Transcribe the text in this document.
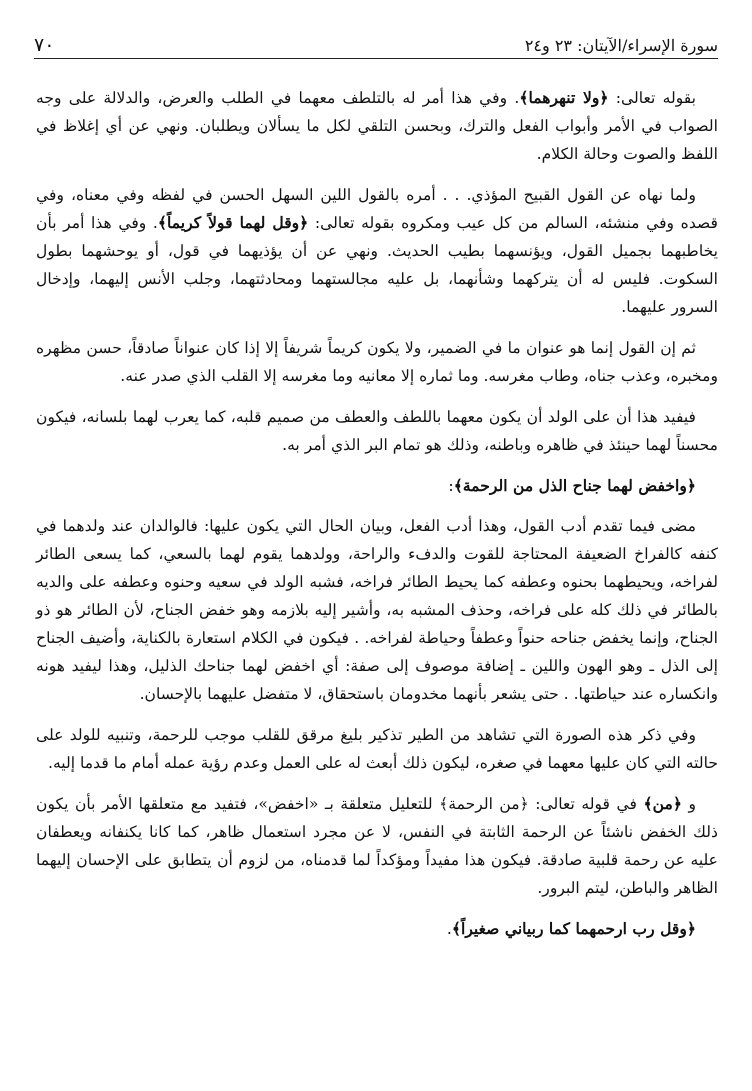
٧٠	سورة الإسراء/الآيتان: ٢٣ و٢٤

بقوله تعالى: ﴿ولا تنهرهما﴾. وفي هذا أمر له بالتلطف معهما في الطلب والعرض، والدلالة على وجه الصواب في الأمر وأبواب الفعل والترك، وبحسن التلقي لكل ما يسألان ويطلبان. ونهي عن أي إغلاظ في اللفظ والصوت وحالة الكلام.

ولما نهاه عن القول القبيح المؤذي. . . أمره بالقول اللين السهل الحسن في لفظه وفي معناه، وفي قصده وفي منشئه، السالم من كل عيب ومكروه بقوله تعالى: ﴿وقل لهما قولاً كريماً﴾. وفي هذا أمر بأن يخاطبهما بجميل القول، ويؤنسهما بطيب الحديث. ونهي عن أن يؤذيهما في قول، أو يوحشهما بطول السكوت. فليس له أن يتركهما وشأنهما، بل عليه مجالستهما ومحادثتهما، وجلب الأنس إليهما، وإدخال السرور عليهما.

ثم إن القول إنما هو عنوان ما في الضمير، ولا يكون كريماً شريفاً إلا إذا كان عنواناً صادقاً، حسن مظهره ومخبره، وعذب جناه، وطاب مغرسه. وما ثماره إلا معانيه وما مغرسه إلا القلب الذي صدر عنه.

فيفيد هذا أن على الولد أن يكون معهما باللطف والعطف من صميم قلبه، كما يعرب لهما بلسانه، فيكون محسناً لهما حينئذ في ظاهره وباطنه، وذلك هو تمام البر الذي أمر به.

﴿واخفض لهما جناح الذل من الرحمة﴾:

مضى فيما تقدم أدب القول، وهذا أدب الفعل، وبيان الحال التي يكون عليها: فالوالدان عند ولدهما في كنفه كالفراخ الضعيفة المحتاجة للقوت والدفء والراحة، وولدهما يقوم لهما بالسعي، كما يسعى الطائر لفراخه، ويحيطهما بحنوه وعطفه كما يحيط الطائر فراخه، فشبه الولد في سعيه وحنوه وعطفه على والديه بالطائر في ذلك كله على فراخه، وحذف المشبه به، وأشير إليه بلازمه وهو خفض الجناح، لأن الطائر هو ذو الجناح، وإنما يخفض جناحه حنواً وعطفاً وحياطة لفراخه. . فيكون في الكلام استعارة بالكناية، وأضيف الجناح إلى الذل ـ وهو الهون واللين ـ إضافة موصوف إلى صفة: أي اخفض لهما جناحك الذليل، وهذا ليفيد هونه وانكساره عند حياطتها. . حتى يشعر بأنهما مخدومان باستحقاق، لا متفضل عليهما بالإحسان.

وفي ذكر هذه الصورة التي تشاهد من الطير تذكير بليغ مرقق للقلب موجب للرحمة، وتنبيه للولد على حالته التي كان عليها معهما في صغره، ليكون ذلك أبعث له على العمل وعدم رؤية عمله أمام ما قدما إليه.

و ﴿من﴾ في قوله تعالى: ﴿من الرحمة﴾ للتعليل متعلقة بـ «اخفض»، فتفيد مع متعلقها الأمر بأن يكون ذلك الخفض ناشئاً عن الرحمة الثابتة في النفس، لا عن مجرد استعمال ظاهر، كما كانا يكنفانه ويعطفان عليه عن رحمة قلبية صادقة. فيكون هذا مفيداً ومؤكداً لما قدمناه، من لزوم أن يتطابق على الإحسان إليهما الظاهر والباطن، ليتم البرور.

﴿وقل رب ارحمهما كما ربياني صغيراً﴾.
